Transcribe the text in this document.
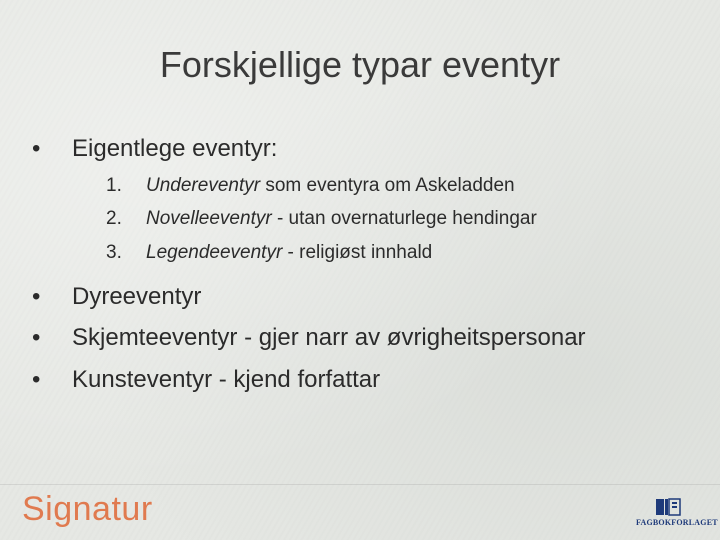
Forskjellige typar eventyr
•	Eigentlege eventyr:
1.	Undereventyr som eventyra om Askeladden
2.	Novelleeventyr - utan overnaturlege hendingar
3.	Legendeeventyr - religiøst innhald
•	Dyreeventyr
•	Skjemteeventyr - gjer narr av øvrigheitspersonar
•	Kunsteventyr - kjend forfattar
Signatur	FAGBOKFORLAGET
